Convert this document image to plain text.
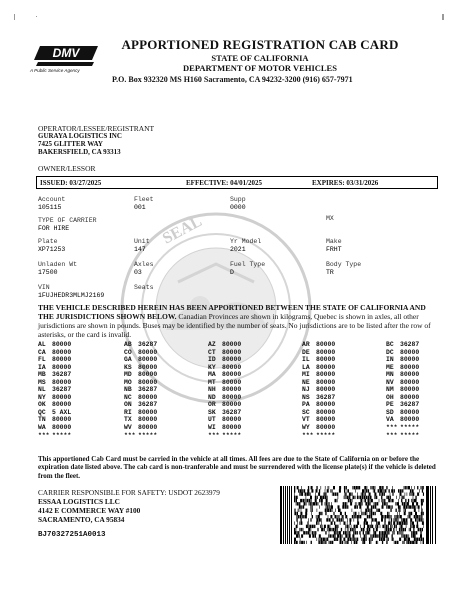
DMV
A Public Service Agency
APPORTIONED REGISTRATION CAB CARD
STATE OF CALIFORNIA
DEPARTMENT OF MOTOR VEHICLES
P.O. Box 932320 MS H160 Sacramento, CA 94232-3200 (916) 657-7971
OPERATOR/LESSEE/REGISTRANT
GURAYA LOGISTICS INC
7425 GLITTER WAY
BAKERSFIELD, CA 93313
OWNER/LESSOR
ISSUED: 03/27/2025	EFFECTIVE: 04/01/2025	EXPIRES: 03/31/2026
SEAL
Account
105115
Fleet
001
Supp
0000
TYPE OF CARRIER
FOR HIRE
MX
Plate
XP71253
Unit
147
Yr Model
2021
Make
FRHT
Unladen Wt
17500
Axles
03
Fuel Type
D
Body Type
TR
VIN
1FUJHEDR3MLMJ2169
Seats
THE VEHICLE DESCRIBED HEREIN HAS BEEN APPORTIONED BETWEEN THE STATE OF CALIFORNIA AND THE JURISDICTIONS SHOWN BELOW. Canadian Provinces are shown in kilograms, Quebec is shown in axles, all other jurisdictions are shown in pounds. Buses may be identified by the number of seats. No jurisdictions are to be listed after the row of asterisks, or the card is invalid.
AL 80000	AB 36287	AZ 80000	AR 80000	BC 36287
CA 80000	CO 80000	CT 80000	DE 80000	DC 80000
FL 80000	GA 80000	ID 80000	IL 80000	IN 80000
IA 80000	KS 80000	KY 80000	LA 80000	ME 80000
MB 36287	MD 80000	MA 80000	MI 80000	MN 80000
MS 80000	MO 80000	MT 80000	NE 80000	NV 80000
NL 36287	NB 36287	NH 80000	NJ 80000	NM 80000
NY 80000	NC 80000	ND 80000	NS 36287	OH 80000
OK 80000	ON 36287	OR 80000	PA 80000	PE 36287
QC 5 AXL	RI 80000	SK 36287	SC 80000	SD 80000
TN 80000	TX 80000	UT 80000	VT 80000	VA 80000
WA 80000	WV 80000	WI 80000	WY 80000	*** *****
*** *****	*** *****	*** *****	*** *****	*** *****
This apportioned Cab Card must be carried in the vehicle at all times. All fees are due to the State of California on or before the expiration date listed above. The cab card is non-tranferable and must be surrendered with the license plate(s) if the vehicle is deleted from the fleet.
CARRIER RESPONSIBLE FOR SAFETY: USDOT 2623979
ESSAA LOGISTICS LLC
4142 E COMMERCE WAY #100
SACRAMENTO, CA 95834
BJ70327251A0013
